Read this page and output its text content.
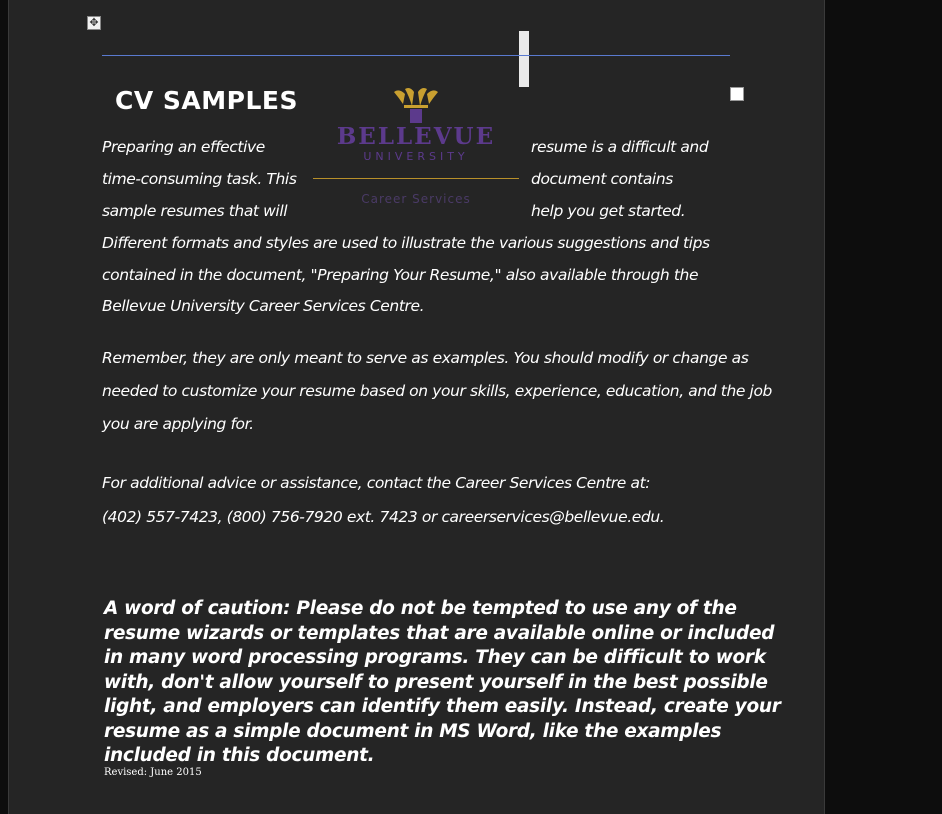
✥
CV SAMPLES
BELLEVUE
UNIVERSITY
Career Services
Preparing an effective	resume is a difficult and
time-consuming task. This	document contains
sample resumes that will	help you get started.
Different formats and styles are used to illustrate the various suggestions and tips
contained in the document, "Preparing Your Resume," also available through the
Bellevue University Career Services Centre.
Remember, they are only meant to serve as examples. You should modify or change as
needed to customize your resume based on your skills, experience, education, and the job
you are applying for.
For additional advice or assistance, contact the Career Services Centre at:
(402) 557-7423, (800) 756-7920 ext. 7423 or careerservices@bellevue.edu.
A word of caution: Please do not be tempted to use any of the
resume wizards or templates that are available online or included
in many word processing programs. They can be difficult to work
with, don't allow yourself to present yourself in the best possible
light, and employers can identify them easily. Instead, create your
resume as a simple document in MS Word, like the examples
included in this document.
Revised: June 2015
